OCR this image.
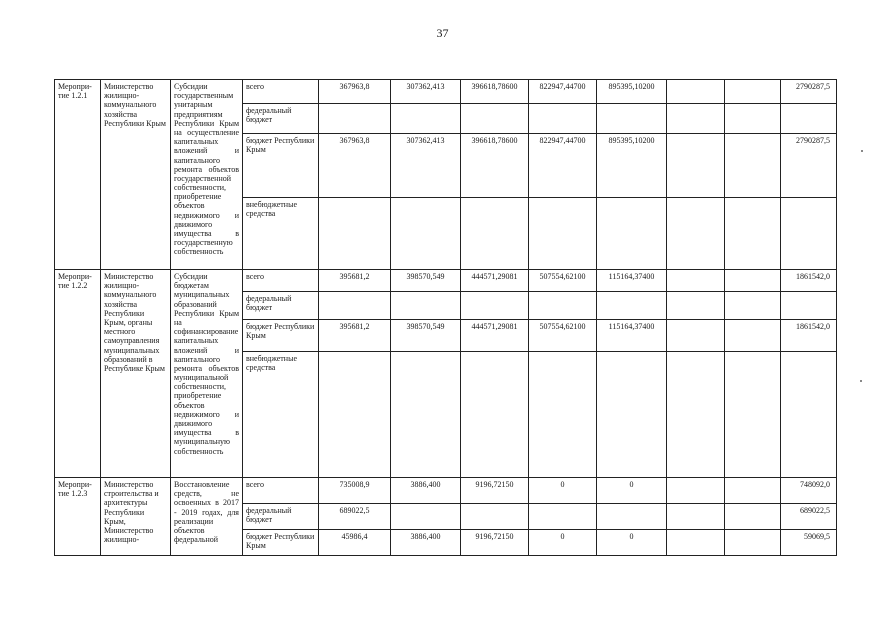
37
Меропри-
тие 1.2.1	Министерство жилищно-коммунального хозяйства Республики Крым	Субсидии государственным унитарным предприятиям Республики Крым на осуществление капитальных вложений и капитального ремонта объектов государственной собственности, приобретение объектов недвижимого и движимого имущества в государственную собственность	всего	367963,8	307362,413	396618,78600	822947,44700	895395,10200			2790287,5
			федеральный бюджет								
			бюджет Республики Крым	367963,8	307362,413	396618,78600	822947,44700	895395,10200			2790287,5
			внебюджетные средства								
Меропри-
тие 1.2.2	Министерство жилищно-коммунального хозяйства Республики Крым, органы местного самоуправления муниципальных образований в Республике Крым	Субсидии бюджетам муниципальных образований Республики Крым на софинансирование капитальных вложений и капитального ремонта объектов муниципальной собственности, приобретение объектов недвижимого и движимого имущества в муниципальную собственность	всего	395681,2	398570,549	444571,29081	507554,62100	115164,37400			1861542,0
			федеральный бюджет								
			бюджет Республики Крым	395681,2	398570,549	444571,29081	507554,62100	115164,37400			1861542,0
			внебюджетные средства								
Меропри-
тие 1.2.3	Министерство строительства и архитектуры Республики Крым, Министерство жилищно-	Восстановление средств, не освоенных в 2017 - 2019 годах, для реализации объектов федеральной	всего	735008,9	3886,400	9196,72150	0	0			748092,0
			федеральный бюджет	689022,5							689022,5
			бюджет Республики Крым	45986,4	3886,400	9196,72150	0	0			59069,5
